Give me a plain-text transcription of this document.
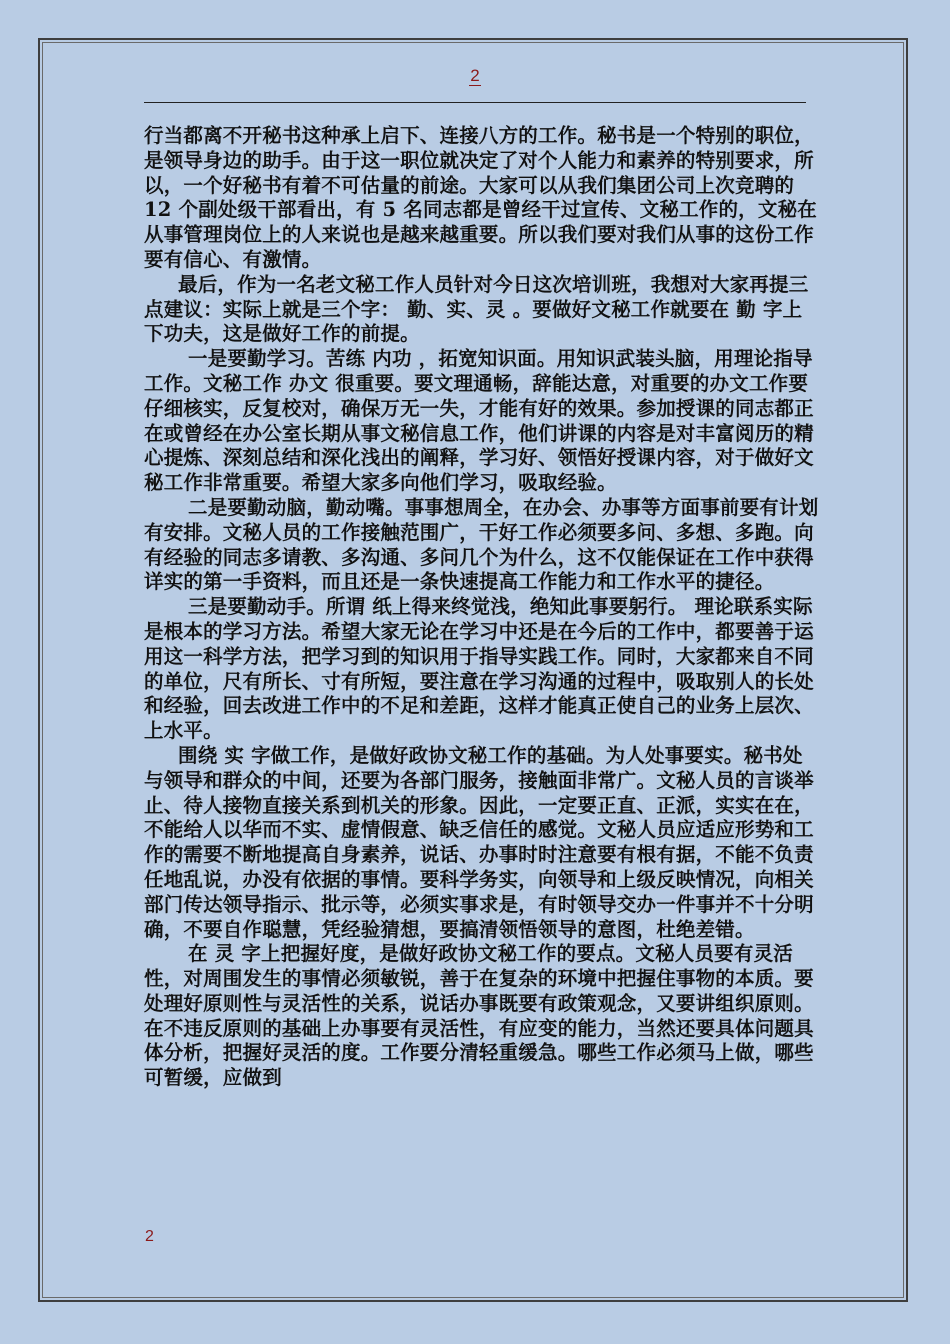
2

行当都离不开秘书这种承上启下、连接八方的工作。秘书是一个特别的职位，是领导身边的助手。由于这一职位就决定了对个人能力和素养的特别要求，所以，一个好秘书有着不可估量的前途。大家可以从我们集团公司上次竞聘的 12 个副处级干部看出，有 5 名同志都是曾经干过宣传、文秘工作的，文秘在从事管理岗位上的人来说也是越来越重要。所以我们要对我们从事的这份工作要有信心、有激情。

最后，作为一名老文秘工作人员针对今日这次培训班，我想对大家再提三点建议：实际上就是三个字： 勤、实、灵 。要做好文秘工作就要在 勤 字上下功夫，这是做好工作的前提。

一是要勤学习。苦练 内功 ，拓宽知识面。用知识武装头脑，用理论指导工作。文秘工作 办文 很重要。要文理通畅，辞能达意，对重要的办文工作要仔细核实，反复校对，确保万无一失，才能有好的效果。参加授课的同志都正在或曾经在办公室长期从事文秘信息工作，他们讲课的内容是对丰富阅历的精心提炼、深刻总结和深化浅出的阐释，学习好、领悟好授课内容，对于做好文秘工作非常重要。希望大家多向他们学习，吸取经验。

二是要勤动脑，勤动嘴。事事想周全，在办会、办事等方面事前要有计划有安排。文秘人员的工作接触范围广，干好工作必须要多问、多想、多跑。向有经验的同志多请教、多沟通、多问几个为什么，这不仅能保证在工作中获得详实的第一手资料，而且还是一条快速提高工作能力和工作水平的捷径。

三是要勤动手。所谓 纸上得来终觉浅，绝知此事要躬行。 理论联系实际是根本的学习方法。希望大家无论在学习中还是在今后的工作中，都要善于运用这一科学方法，把学习到的知识用于指导实践工作。同时，大家都来自不同的单位，尺有所长、寸有所短，要注意在学习沟通的过程中，吸取别人的长处和经验，回去改进工作中的不足和差距，这样才能真正使自己的业务上层次、上水平。

围绕 实 字做工作，是做好政协文秘工作的基础。为人处事要实。秘书处与领导和群众的中间，还要为各部门服务，接触面非常广。文秘人员的言谈举止、待人接物直接关系到机关的形象。因此，一定要正直、正派，实实在在，不能给人以华而不实、虚情假意、缺乏信任的感觉。文秘人员应适应形势和工作的需要不断地提高自身素养，说话、办事时时注意要有根有据，不能不负责任地乱说，办没有依据的事情。要科学务实，向领导和上级反映情况，向相关部门传达领导指示、批示等，必须实事求是，有时领导交办一件事并不十分明确，不要自作聪慧，凭经验猜想，要搞清领悟领导的意图，杜绝差错。

在 灵 字上把握好度，是做好政协文秘工作的要点。文秘人员要有灵活性，对周围发生的事情必须敏锐，善于在复杂的环境中把握住事物的本质。要处理好原则性与灵活性的关系，说话办事既要有政策观念，又要讲组织原则。在不违反原则的基础上办事要有灵活性，有应变的能力，当然还要具体问题具体分析，把握好灵活的度。工作要分清轻重缓急。哪些工作必须马上做，哪些可暂缓，应做到

2
